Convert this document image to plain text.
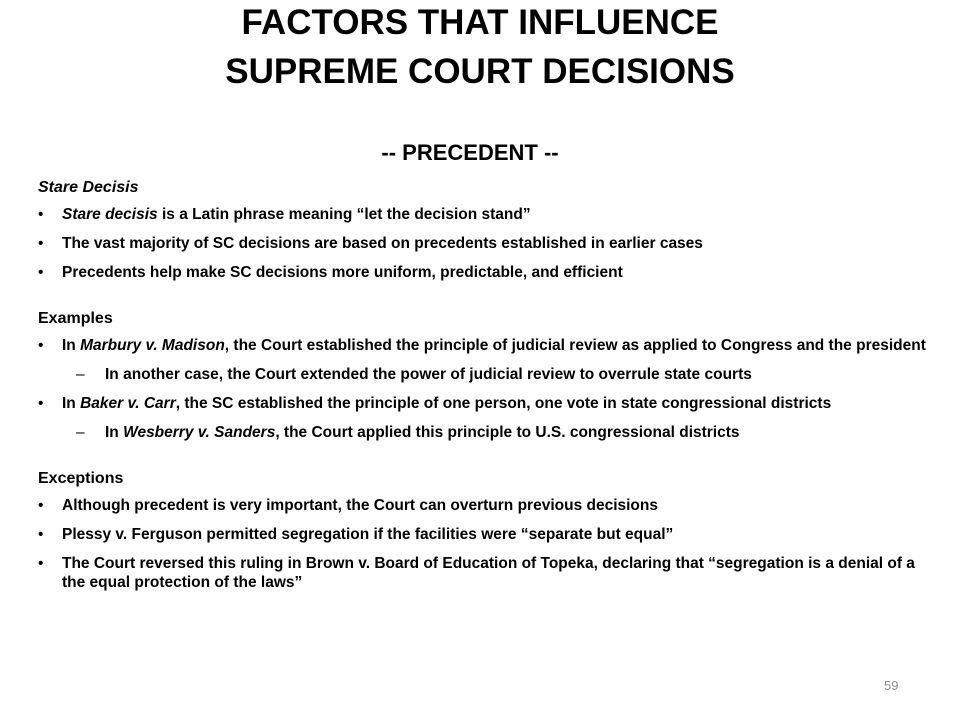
FACTORS THAT INFLUENCE
SUPREME COURT DECISIONS
-- PRECEDENT --

Stare Decisis

• Stare decisis is a Latin phrase meaning “let the decision stand”
• The vast majority of SC decisions are based on precedents established in earlier cases
• Precedents help make SC decisions more uniform, predictable, and efficient

Examples

• In Marbury v. Madison, the Court established the principle of judicial review as applied to Congress and the president
– In another case, the Court extended the power of judicial review to overrule state courts
• In Baker v. Carr, the SC established the principle of one person, one vote in state congressional districts
– In Wesberry v. Sanders, the Court applied this principle to U.S. congressional districts

Exceptions

• Although precedent is very important, the Court can overturn previous decisions
• Plessy v. Ferguson permitted segregation if the facilities were “separate but equal”
• The Court reversed this ruling in Brown v. Board of Education of Topeka, declaring that “segregation is a denial of a the equal protection of the laws”
59
